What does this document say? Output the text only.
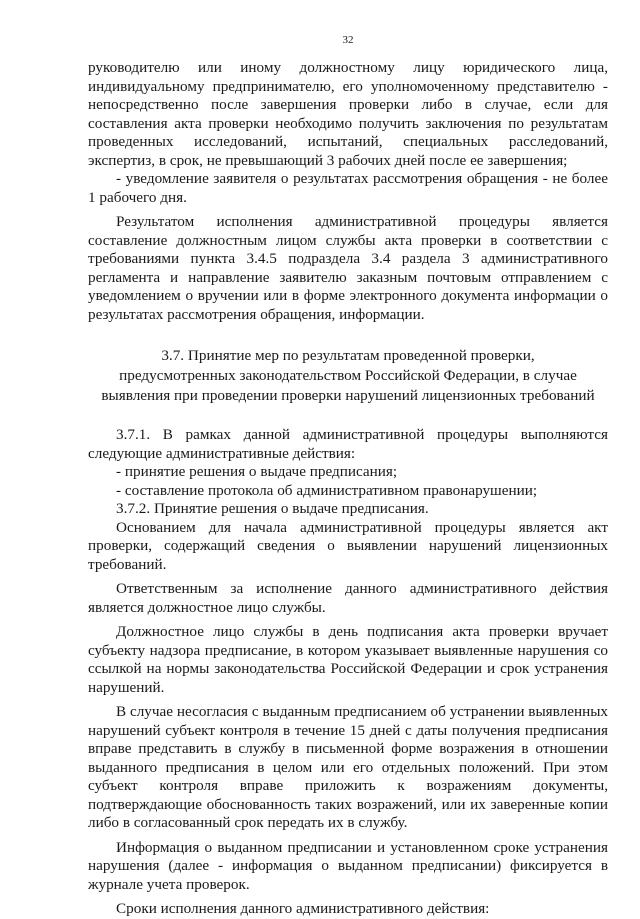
32

руководителю или иному должностному лицу юридического лица, индивидуальному предпринимателю, его уполномоченному представителю - непосредственно после завершения проверки либо в случае, если для составления акта проверки необходимо получить заключения по результатам проведенных исследований, испытаний, специальных расследований, экспертиз, в срок, не превышающий 3 рабочих дней после ее завершения;

- уведомление заявителя о результатах рассмотрения обращения - не более 1 рабочего дня.

Результатом исполнения административной процедуры является составление должностным лицом службы акта проверки в соответствии с требованиями пункта 3.4.5 подраздела 3.4 раздела 3 административного регламента и направление заявителю заказным почтовым отправлением с уведомлением о вручении или в форме электронного документа информации о результатах рассмотрения обращения, информации.

3.7. Принятие мер по результатам проведенной проверки,
предусмотренных законодательством Российской Федерации, в случае
выявления при проведении проверки нарушений лицензионных требований

3.7.1. В рамках данной административной процедуры выполняются следующие административные действия:

- принятие решения о выдаче предписания;

- составление протокола об административном правонарушении;

3.7.2. Принятие решения о выдаче предписания.

Основанием для начала административной процедуры является акт проверки, содержащий сведения о выявлении нарушений лицензионных требований.

Ответственным за исполнение данного административного действия является должностное лицо службы.

Должностное лицо службы в день подписания акта проверки вручает субъекту надзора предписание, в котором указывает выявленные нарушения со ссылкой на нормы законодательства Российской Федерации и срок устранения нарушений.

В случае несогласия с выданным предписанием об устранении выявленных нарушений субъект контроля в течение 15 дней с даты получения предписания вправе представить в службу в письменной форме возражения в отношении выданного предписания в целом или его отдельных положений. При этом субъект контроля вправе приложить к возражениям документы, подтверждающие обоснованность таких возражений, или их заверенные копии либо в согласованный срок передать их в службу.

Информация о выданном предписании и установленном сроке устранения нарушения (далее - информация о выданном предписании) фиксируется в журнале учета проверок.

Сроки исполнения данного административного действия:
